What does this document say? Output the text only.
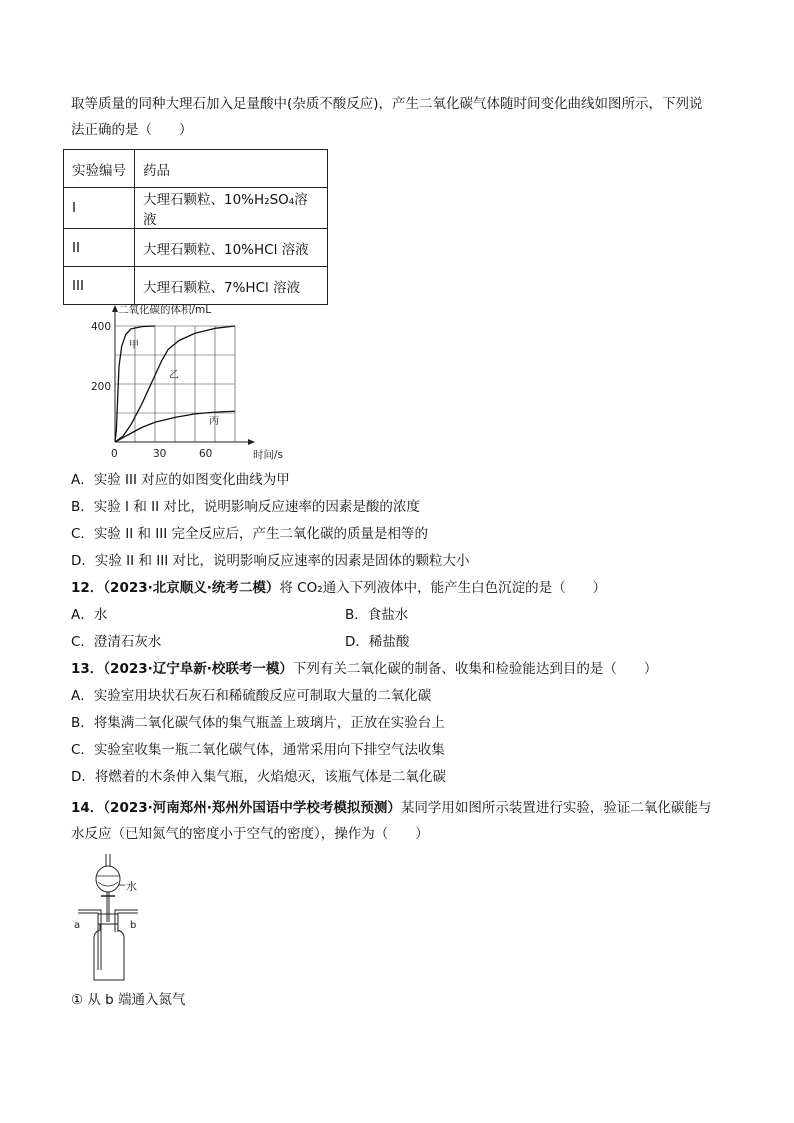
取等质量的同种大理石加入足量酸中(杂质不酸反应)，产生二氧化碳气体随时间变化曲线如图所示，下列说
法正确的是（　　）
实验编号	药品
I	大理石颗粒、10%H₂SO₄溶液
II	大理石颗粒、10%HCl 溶液
III	大理石颗粒、7%HCl 溶液
二氧化碳的体积/mL
时间/s
0	30	60
200
400
甲
乙
丙
A．实验 III 对应的如图变化曲线为甲
B．实验 I 和 II 对比，说明影响反应速率的因素是酸的浓度
C．实验 II 和 III 完全反应后，产生二氧化碳的质量是相等的
D．实验 II 和 III 对比，说明影响反应速率的因素是固体的颗粒大小
12．（2023·北京顺义·统考二模）将 CO₂通入下列液体中，能产生白色沉淀的是（　　）
A．水	B．食盐水
C．澄清石灰水	D．稀盐酸
13．（2023·辽宁阜新·校联考一模）下列有关二氧化碳的制备、收集和检验能达到目的是（　　）
A．实验室用块状石灰石和稀硫酸反应可制取大量的二氧化碳
B．将集满二氧化碳气体的集气瓶盖上玻璃片，正放在实验台上
C．实验室收集一瓶二氧化碳气体，通常采用向下排空气法收集
D．将燃着的木条伸入集气瓶，火焰熄灭，该瓶气体是二氧化碳
14．（2023·河南郑州·郑州外国语中学校考模拟预测）某同学用如图所示装置进行实验，验证二氧化碳能与
水反应（已知氮气的密度小于空气的密度），操作为（　　）
水
a	b
① 从 b 端通入氮气
